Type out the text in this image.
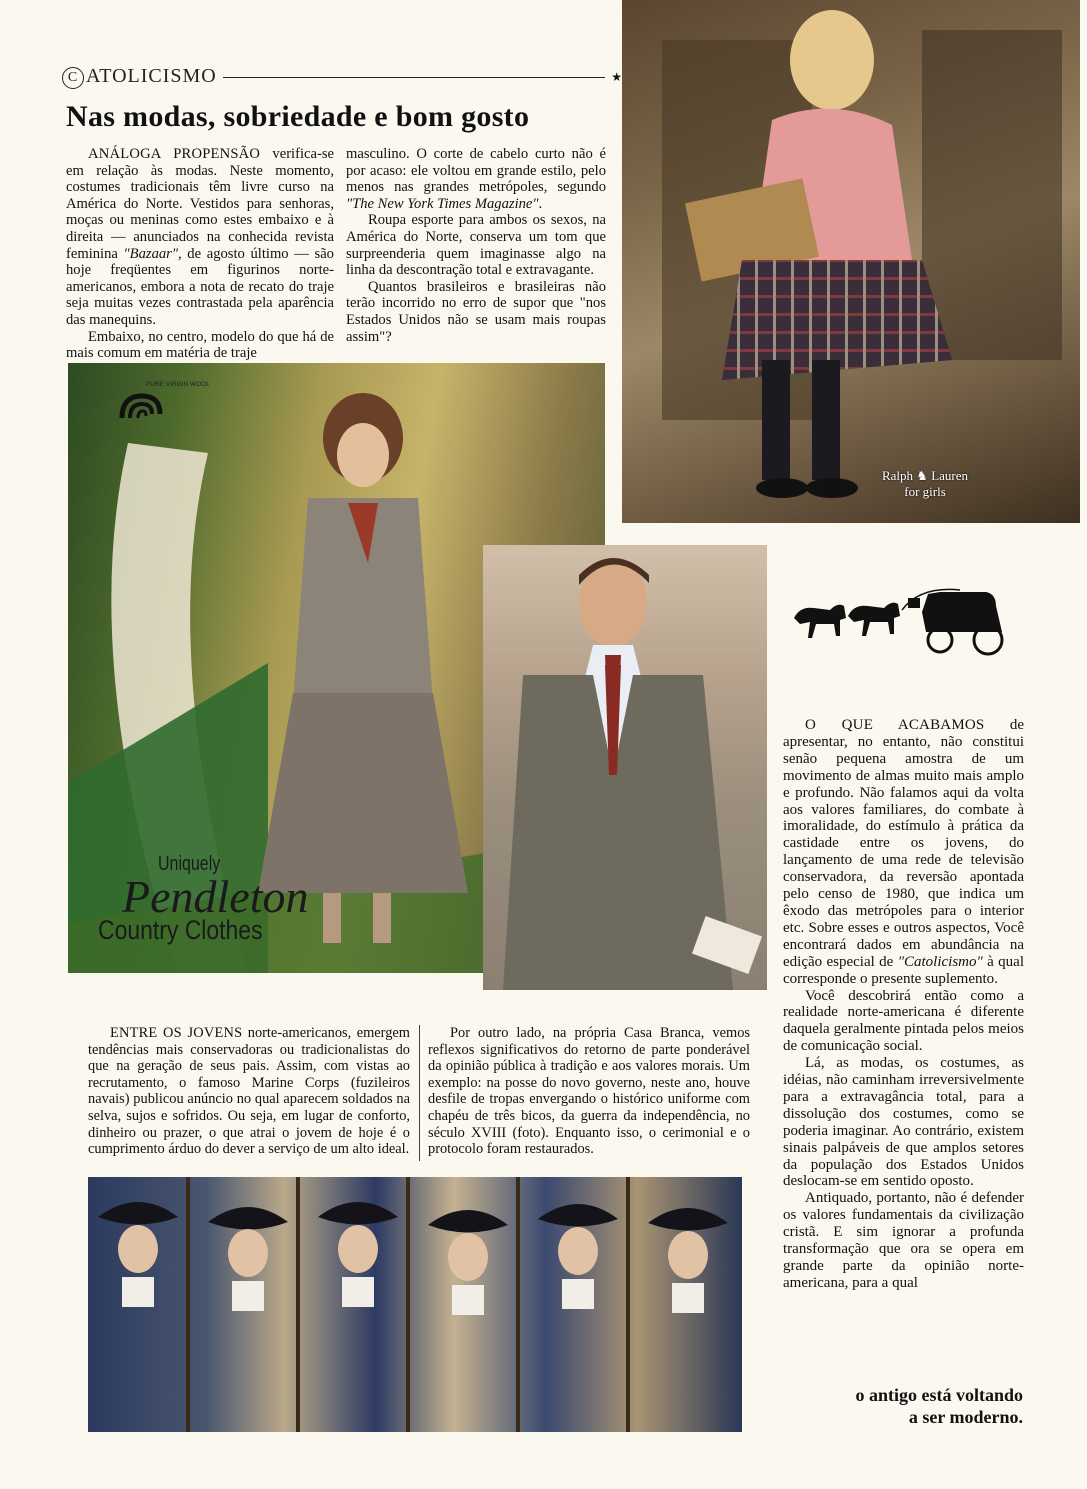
C ATOLICISMO	★
Nas modas, sobriedade e bom gosto

ANÁLOGA PROPENSÃO verifica-se em relação às modas. Neste momento, costumes tradicionais têm livre curso na América do Norte. Vestidos para senhoras, moças ou meninas como estes embaixo e à direita — anunciados na conhecida revista feminina "Bazaar", de agosto último — são hoje freqüentes em figurinos norte-americanos, embora a nota de recato do traje seja muitas vezes contrastada pela aparência das manequins.

Embaixo, no centro, modelo do que há de mais comum em matéria de traje

masculino. O corte de cabelo curto não é por acaso: ele voltou em grande estilo, pelo menos nas grandes metrópoles, segundo "The New York Times Magazine".

Roupa esporte para ambos os sexos, na América do Norte, conserva um tom que surpreenderia quem imaginasse algo na linha da descontração total e extravagante.

Quantos brasileiros e brasileiras não terão incorrido no erro de supor que "nos Estados Unidos não se usam mais roupas assim"?

Ralph ♞ Lauren
for girls
PURE VIRGIN WOOL
Uniquely
Pendleton
Country Clothes

ENTRE OS JOVENS norte-americanos, emergem tendências mais conservadoras ou tradicionalistas do que na geração de seus pais. Assim, com vistas ao recrutamento, o famoso Marine Corps (fuzileiros navais) publicou anúncio no qual aparecem soldados na selva, sujos e sofridos. Ou seja, em lugar de conforto, dinheiro ou prazer, o que atrai o jovem de hoje é o cumprimento árduo do dever a serviço de um alto ideal.

Por outro lado, na própria Casa Branca, vemos reflexos significativos do retorno de parte ponderável da opinião pública à tradição e aos valores morais. Um exemplo: na posse do novo governo, neste ano, houve desfile de tropas envergando o histórico uniforme com chapéu de três bicos, da guerra da independência, no século XVIII (foto). Enquanto isso, o cerimonial e o protocolo foram restaurados.

O QUE ACABAMOS de apresentar, no entanto, não constitui senão pequena amostra de um movimento de almas muito mais amplo e profundo. Não falamos aqui da volta aos valores familiares, do combate à imoralidade, do estímulo à prática da castidade entre os jovens, do lançamento de uma rede de televisão conservadora, da reversão apontada pelo censo de 1980, que indica um êxodo das metrópoles para o interior etc. Sobre esses e outros aspectos, Você encontrará dados em abundância na edição especial de "Catolicismo" à qual corresponde o presente suplemento.

Você descobrirá então como a realidade norte-americana é diferente daquela geralmente pintada pelos meios de comunicação social.

Lá, as modas, os costumes, as idéias, não caminham irreversivelmente para a extravagância total, para a dissolução dos costumes, como se poderia imaginar. Ao contrário, existem sinais palpáveis de que amplos setores da população dos Estados Unidos deslocam-se em sentido oposto.

Antiquado, portanto, não é defender os valores fundamentais da civilização cristã. E sim ignorar a profunda transformação que ora se opera em grande parte da opinião norte-americana, para a qual

o antigo está voltando
a ser moderno.
